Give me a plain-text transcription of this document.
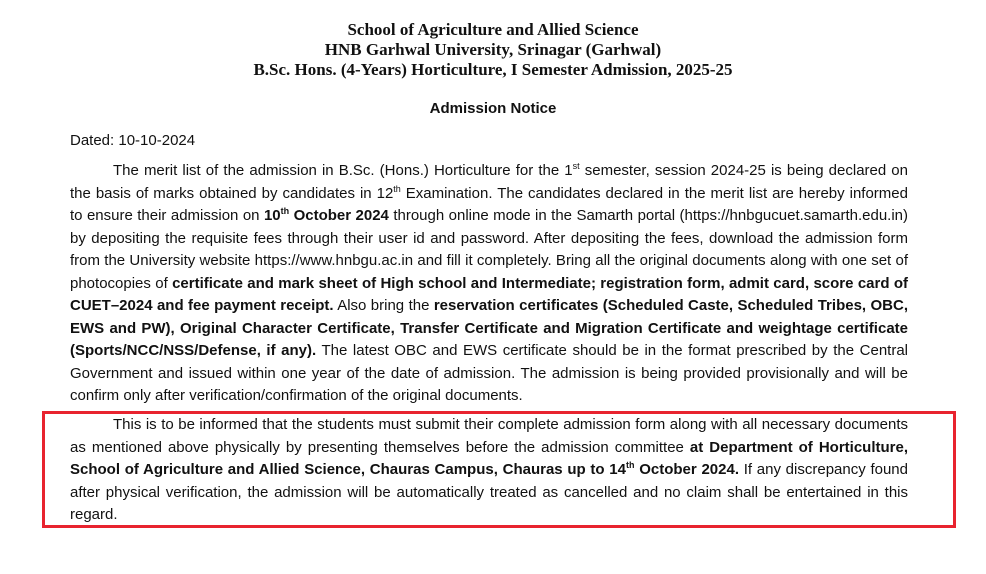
School of Agriculture and Allied Science
HNB Garhwal University, Srinagar (Garhwal)
B.Sc. Hons. (4-Years) Horticulture, I Semester Admission, 2025-25
Admission Notice
Dated: 10-10-2024

The merit list of the admission in B.Sc. (Hons.) Horticulture for the 1st semester, session 2024-25 is being declared on the basis of marks obtained by candidates in 12th Examination. The candidates declared in the merit list are hereby informed to ensure their admission on 10th October 2024 through online mode in the Samarth portal (https://hnbgucuet.samarth.edu.in) by depositing the requisite fees through their user id and password. After depositing the fees, download the admission form from the University website https://www.hnbgu.ac.in and fill it completely. Bring all the original documents along with one set of photocopies of certificate and mark sheet of High school and Intermediate; registration form, admit card, score card of CUET–2024 and fee payment receipt. Also bring the reservation certificates (Scheduled Caste, Scheduled Tribes, OBC, EWS and PW), Original Character Certificate, Transfer Certificate and Migration Certificate and weightage certificate (Sports/NCC/NSS/Defense, if any). The latest OBC and EWS certificate should be in the format prescribed by the Central Government and issued within one year of the date of admission. The admission is being provided provisionally and will be confirm only after verification/confirmation of the original documents.

This is to be informed that the students must submit their complete admission form along with all necessary documents as mentioned above physically by presenting themselves before the admission committee at Department of Horticulture, School of Agriculture and Allied Science, Chauras Campus, Chauras up to 14th October 2024. If any discrepancy found after physical verification, the admission will be automatically treated as cancelled and no claim shall be entertained in this regard.
